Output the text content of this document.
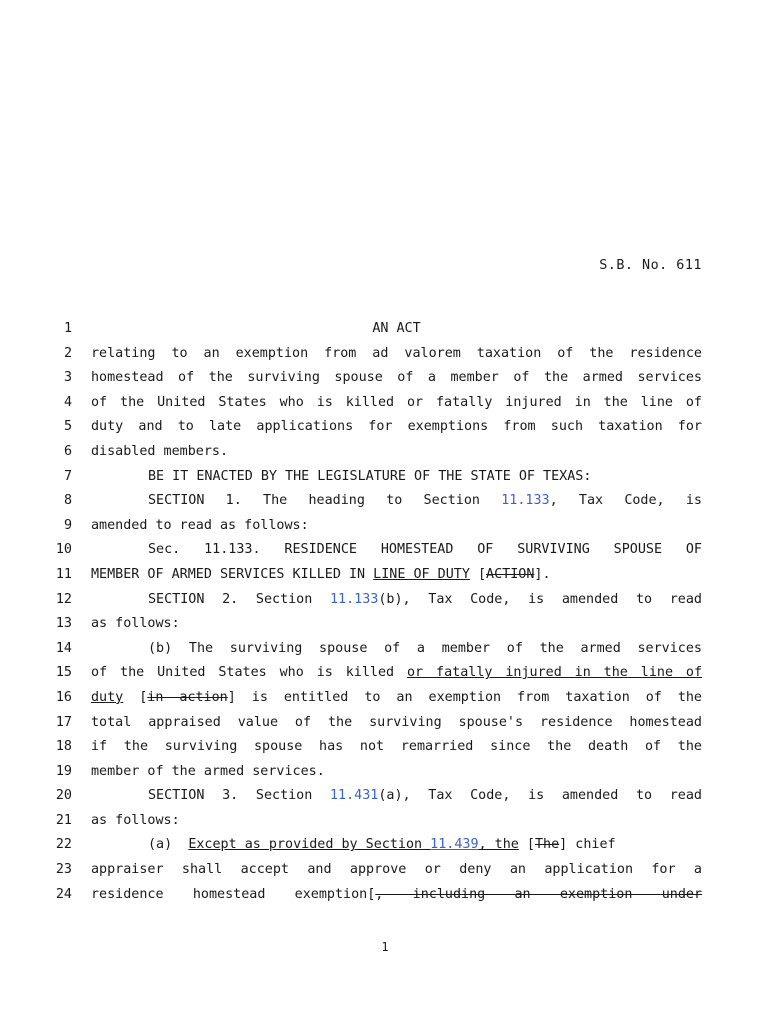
S.B. No. 611
1	AN ACT
2 relating to an exemption from ad valorem taxation of the residence
3 homestead of the surviving spouse of a member of the armed services
4 of the United States who is killed or fatally injured in the line of
5 duty and to late applications for exemptions from such taxation for
6 disabled members.
7	BE IT ENACTED BY THE LEGISLATURE OF THE STATE OF TEXAS:
8	SECTION 1. The heading to Section 11.133, Tax Code, is
9 amended to read as follows:
10	Sec. 11.133. RESIDENCE HOMESTEAD OF SURVIVING SPOUSE OF
11 MEMBER OF ARMED SERVICES KILLED IN LINE OF DUTY [ACTION].
12	SECTION 2. Section 11.133(b), Tax Code, is amended to read
13 as follows:
14	(b) The surviving spouse of a member of the armed services
15 of the United States who is killed or fatally injured in the line of
16 duty [in action] is entitled to an exemption from taxation of the
17 total appraised value of the surviving spouse's residence homestead
18 if the surviving spouse has not remarried since the death of the
19 member of the armed services.
20	SECTION 3. Section 11.431(a), Tax Code, is amended to read
21 as follows:
22	(a)  Except as provided by Section 11.439, the [The] chief
23 appraiser shall accept and approve or deny an application for a
24 residence homestead exemption[, including an exemption under
1
